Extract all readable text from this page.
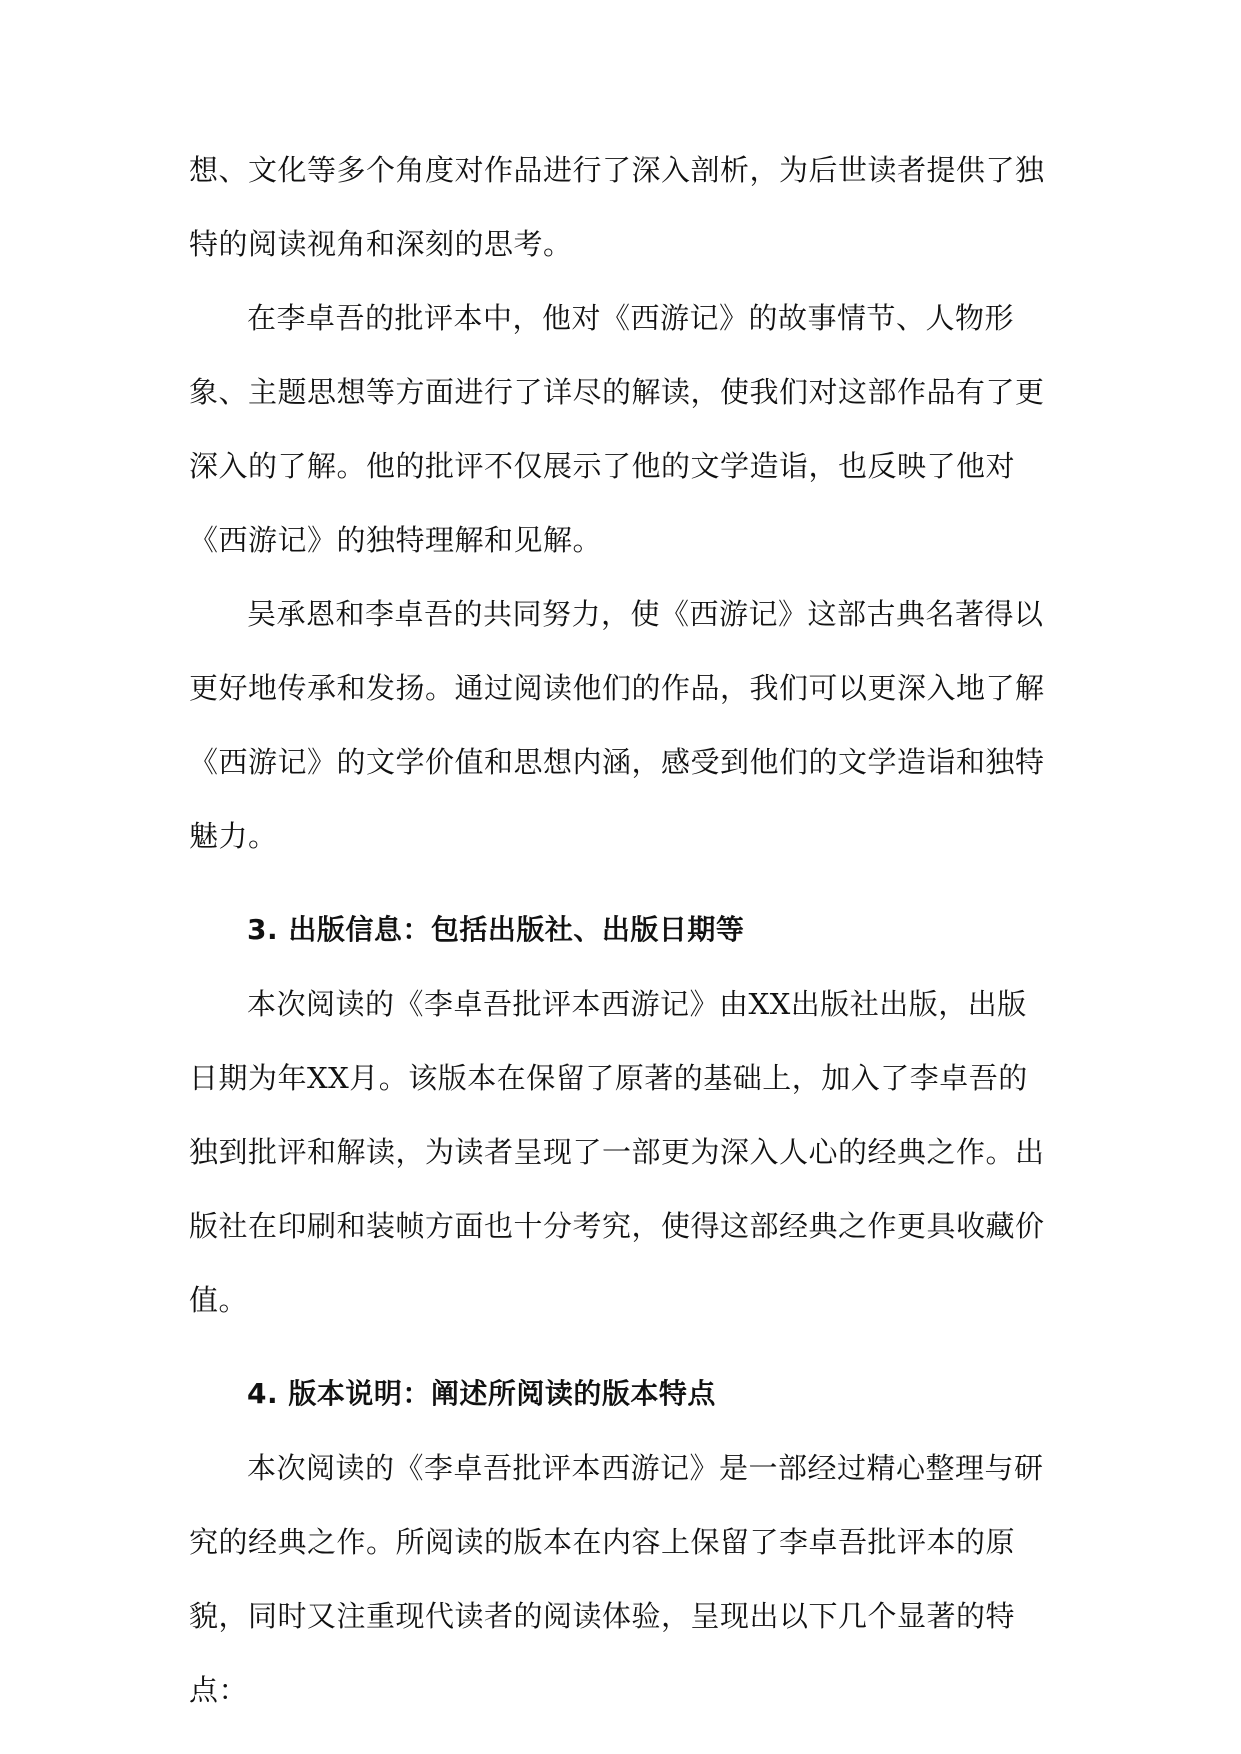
想、文化等多个角度对作品进行了深入剖析，为后世读者提供了独特的阅读视角和深刻的思考。

在李卓吾的批评本中，他对《西游记》的故事情节、人物形象、主题思想等方面进行了详尽的解读，使我们对这部作品有了更深入的了解。他的批评不仅展示了他的文学造诣，也反映了他对《西游记》的独特理解和见解。

吴承恩和李卓吾的共同努力，使《西游记》这部古典名著得以更好地传承和发扬。通过阅读他们的作品，我们可以更深入地了解《西游记》的文学价值和思想内涵，感受到他们的文学造诣和独特魅力。

3. 出版信息：包括出版社、出版日期等

本次阅读的《李卓吾批评本西游记》由XX出版社出版，出版日期为年XX月。该版本在保留了原著的基础上，加入了李卓吾的独到批评和解读，为读者呈现了一部更为深入人心的经典之作。出版社在印刷和装帧方面也十分考究，使得这部经典之作更具收藏价值。

4. 版本说明：阐述所阅读的版本特点

本次阅读的《李卓吾批评本西游记》是一部经过精心整理与研究的经典之作。所阅读的版本在内容上保留了李卓吾批评本的原貌，同时又注重现代读者的阅读体验，呈现出以下几个显著的特点：
